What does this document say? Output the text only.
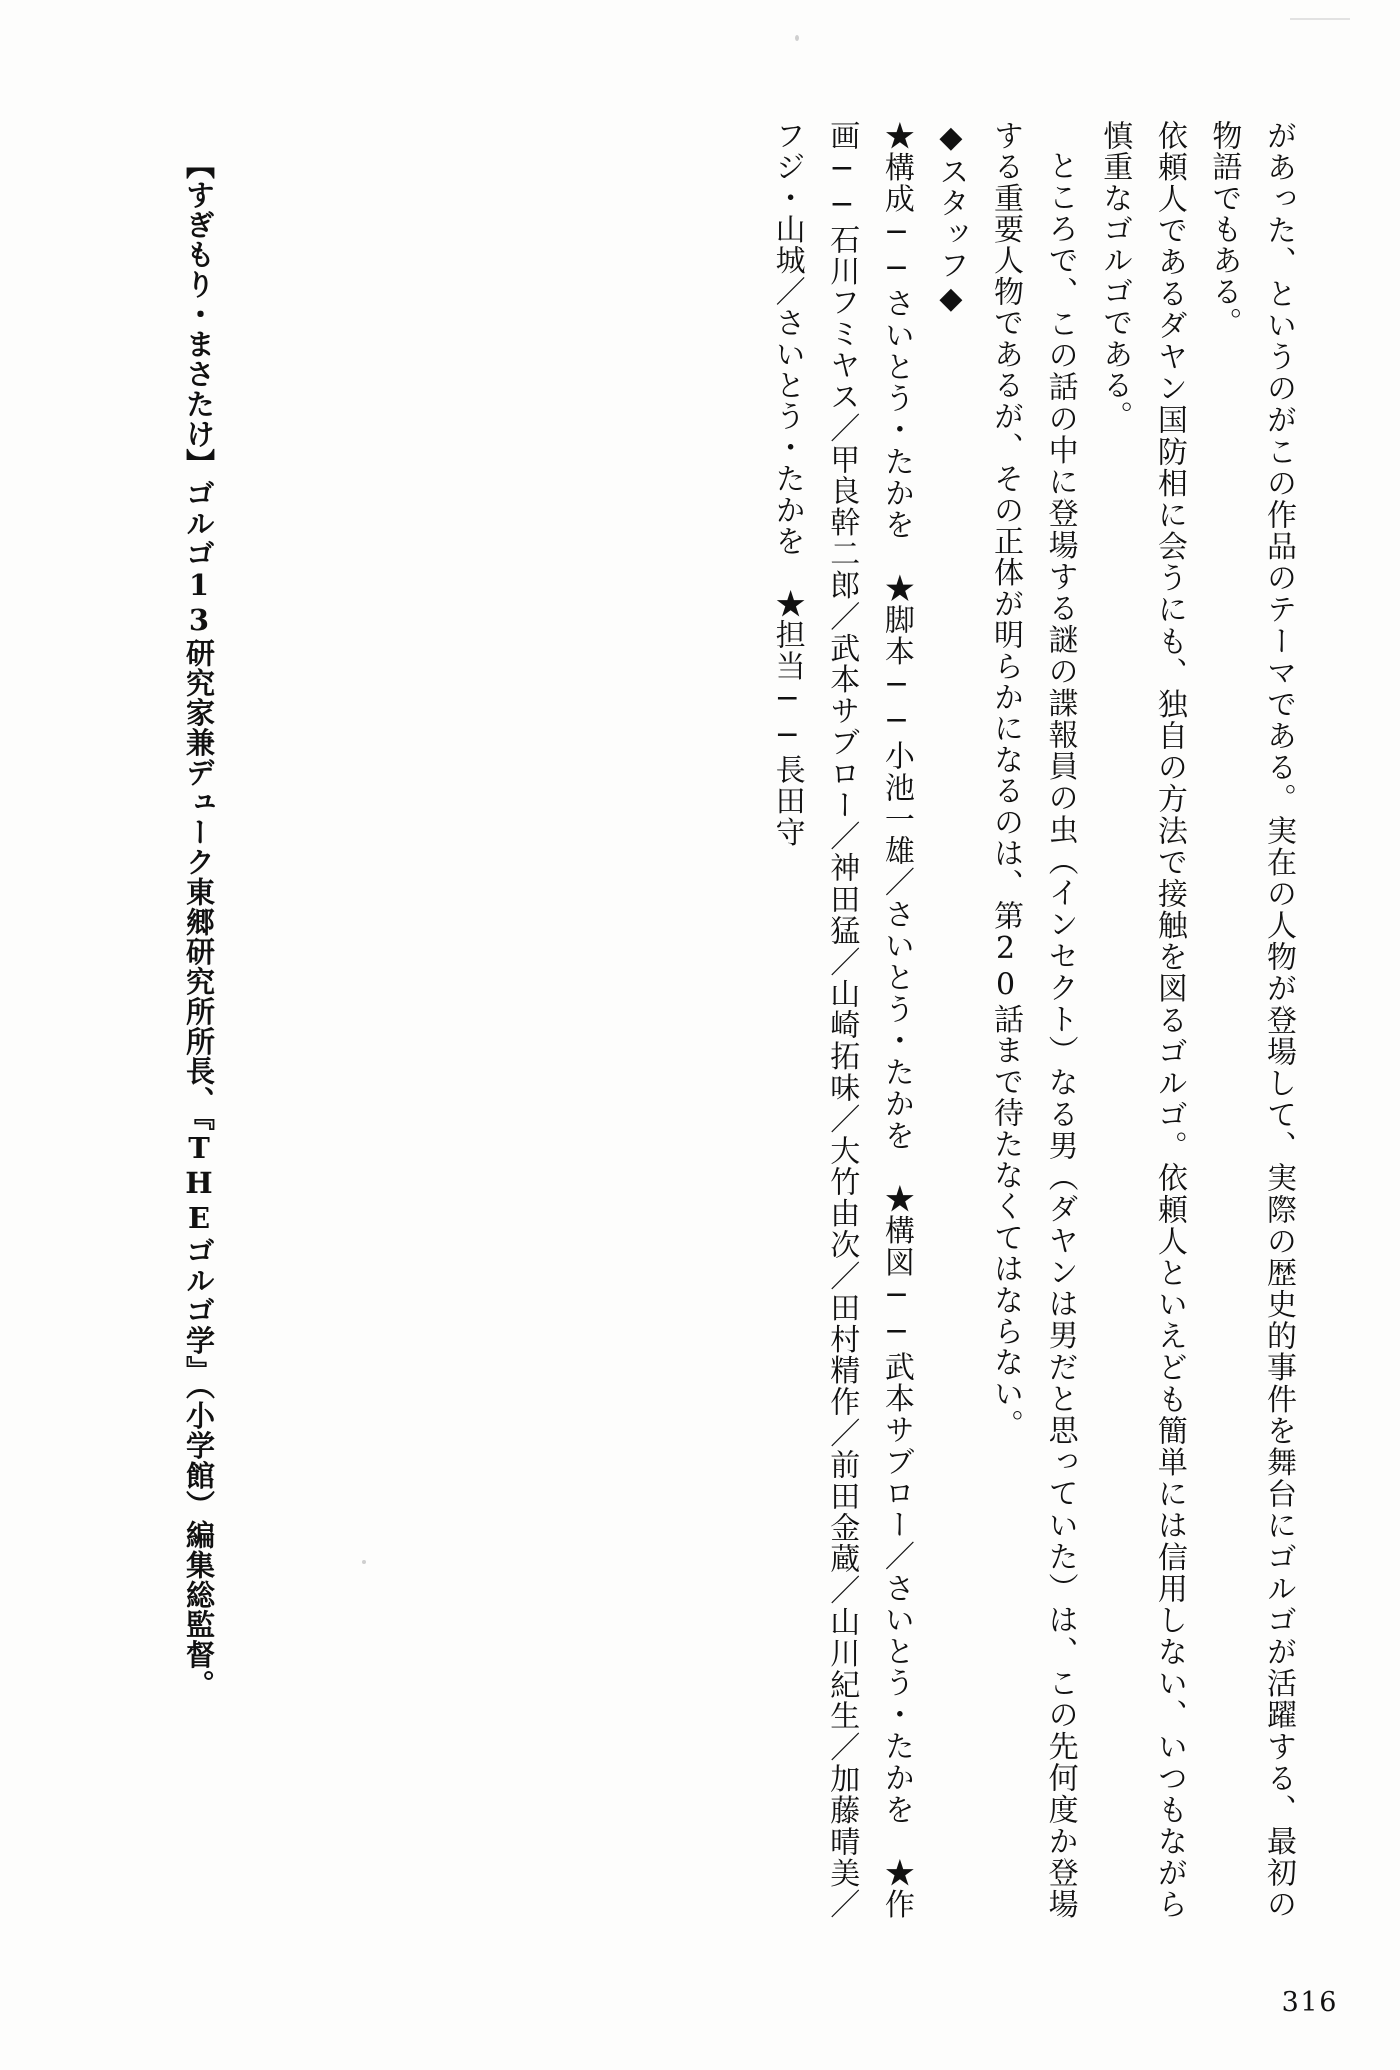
があった、というのがこの作品のテーマである。実在の人物が登場して、実際の歴史的事件を舞台にゴルゴが活躍する、最初の物語でもある。

依頼人であるダヤン国防相に会うにも、独自の方法で接触を図るゴルゴ。依頼人といえども簡単には信用しない、いつもながら慎重なゴルゴである。

ところで、この話の中に登場する謎の諜報員の虫（インセクト）なる男（ダヤンは男だと思っていた）は、この先何度か登場する重要人物であるが、その正体が明らかになるのは、第20話まで待たなくてはならない。

◆スタッフ◆

★構成──さいとう・たかを　★脚本──小池一雄／さいとう・たかを　★構図──武本サブロー／さいとう・たかを　★作画──石川フミヤス／甲良幹二郎／武本サブロー／神田猛／山崎拓味／大竹由次／田村精作／前田金蔵／山川紀生／加藤晴美／フジ・山城／さいとう・たかを　★担当──長田守

【すぎもり・まさたけ】ゴルゴ13研究家兼デューク東郷研究所所長、『THEゴルゴ学』（小学館）編集総監督。
316
